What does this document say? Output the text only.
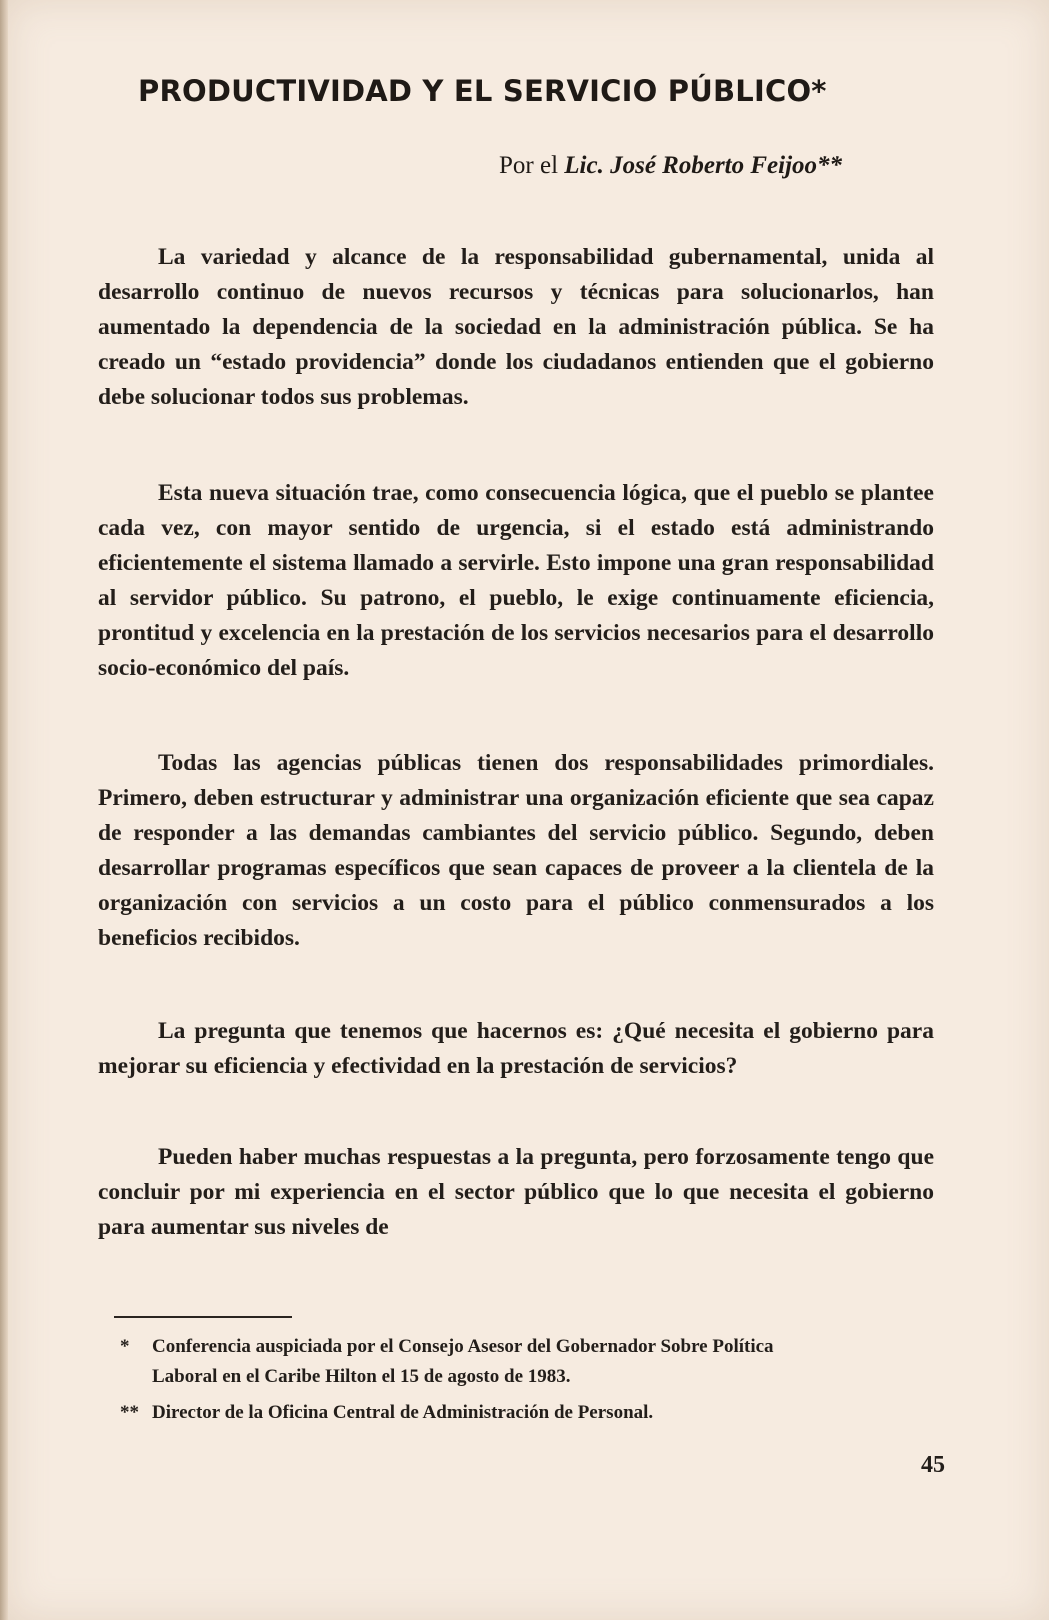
PRODUCTIVIDAD Y EL SERVICIO PÚBLICO*
Por el Lic. José Roberto Feijoo**

La variedad y alcance de la responsabilidad gubernamental, unida al desarrollo continuo de nuevos recursos y técnicas para solucionarlos, han aumentado la dependencia de la sociedad en la administración pública. Se ha creado un “estado providencia” donde los ciudadanos entienden que el gobierno debe solucionar todos sus problemas.

Esta nueva situación trae, como consecuencia lógica, que el pueblo se plantee cada vez, con mayor sentido de urgencia, si el estado está administrando eficientemente el sistema llamado a servirle. Esto impone una gran responsabilidad al servidor público. Su patrono, el pueblo, le exige continuamente eficiencia, prontitud y excelencia en la prestación de los servicios necesarios para el desarrollo socio-económico del país.

Todas las agencias públicas tienen dos responsabilidades primordiales. Primero, deben estructurar y administrar una organización eficiente que sea capaz de responder a las demandas cambiantes del servicio público. Segundo, deben desarrollar programas específicos que sean capaces de proveer a la clientela de la organización con servicios a un costo para el público conmensurados a los beneficios recibidos.

La pregunta que tenemos que hacernos es: ¿Qué necesita el gobierno para mejorar su eficiencia y efectividad en la prestación de servicios?

Pueden haber muchas respuestas a la pregunta, pero forzosamente tengo que concluir por mi experiencia en el sector público que lo que necesita el gobierno para aumentar sus niveles de

* Conferencia auspiciada por el Consejo Asesor del Gobernador Sobre Política
Laboral en el Caribe Hilton el 15 de agosto de 1983.
** Director de la Oficina Central de Administración de Personal.
45
